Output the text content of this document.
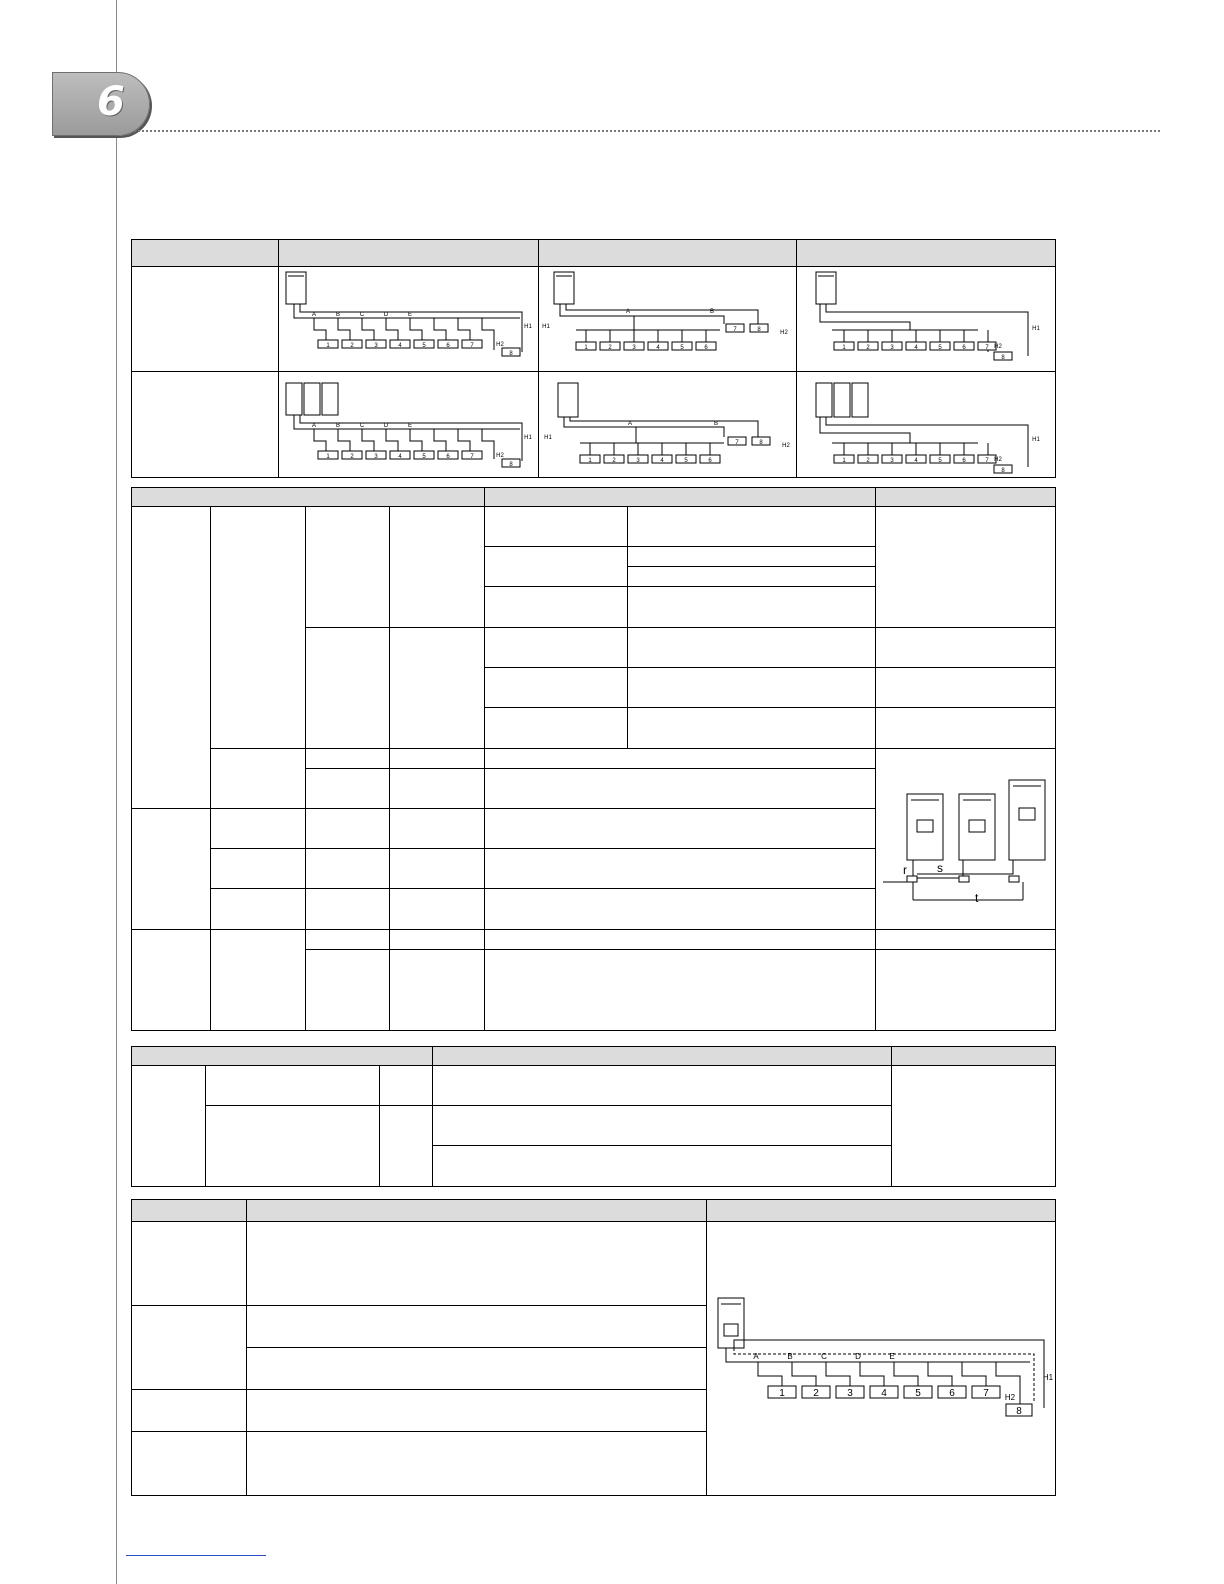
6
1	2	3	4	5	6	7
8
A	B	C	D	E
H1
H2	1	2	3	4	5	6
7	8
A	B
H1
H2
1	2	3	4	5	6	7
8
H1
H2
1	2	3	4	5	6	7
8
A	B	C	D	E
H1
H2
1	2	3	4	5	6
7	8
A	B
H1
H2
1	2	3	4	5	6	7
8
H1
H2
r	s
t
1	2	3	4	5	6	7
8
A	B	C	D	E
H1
H2
